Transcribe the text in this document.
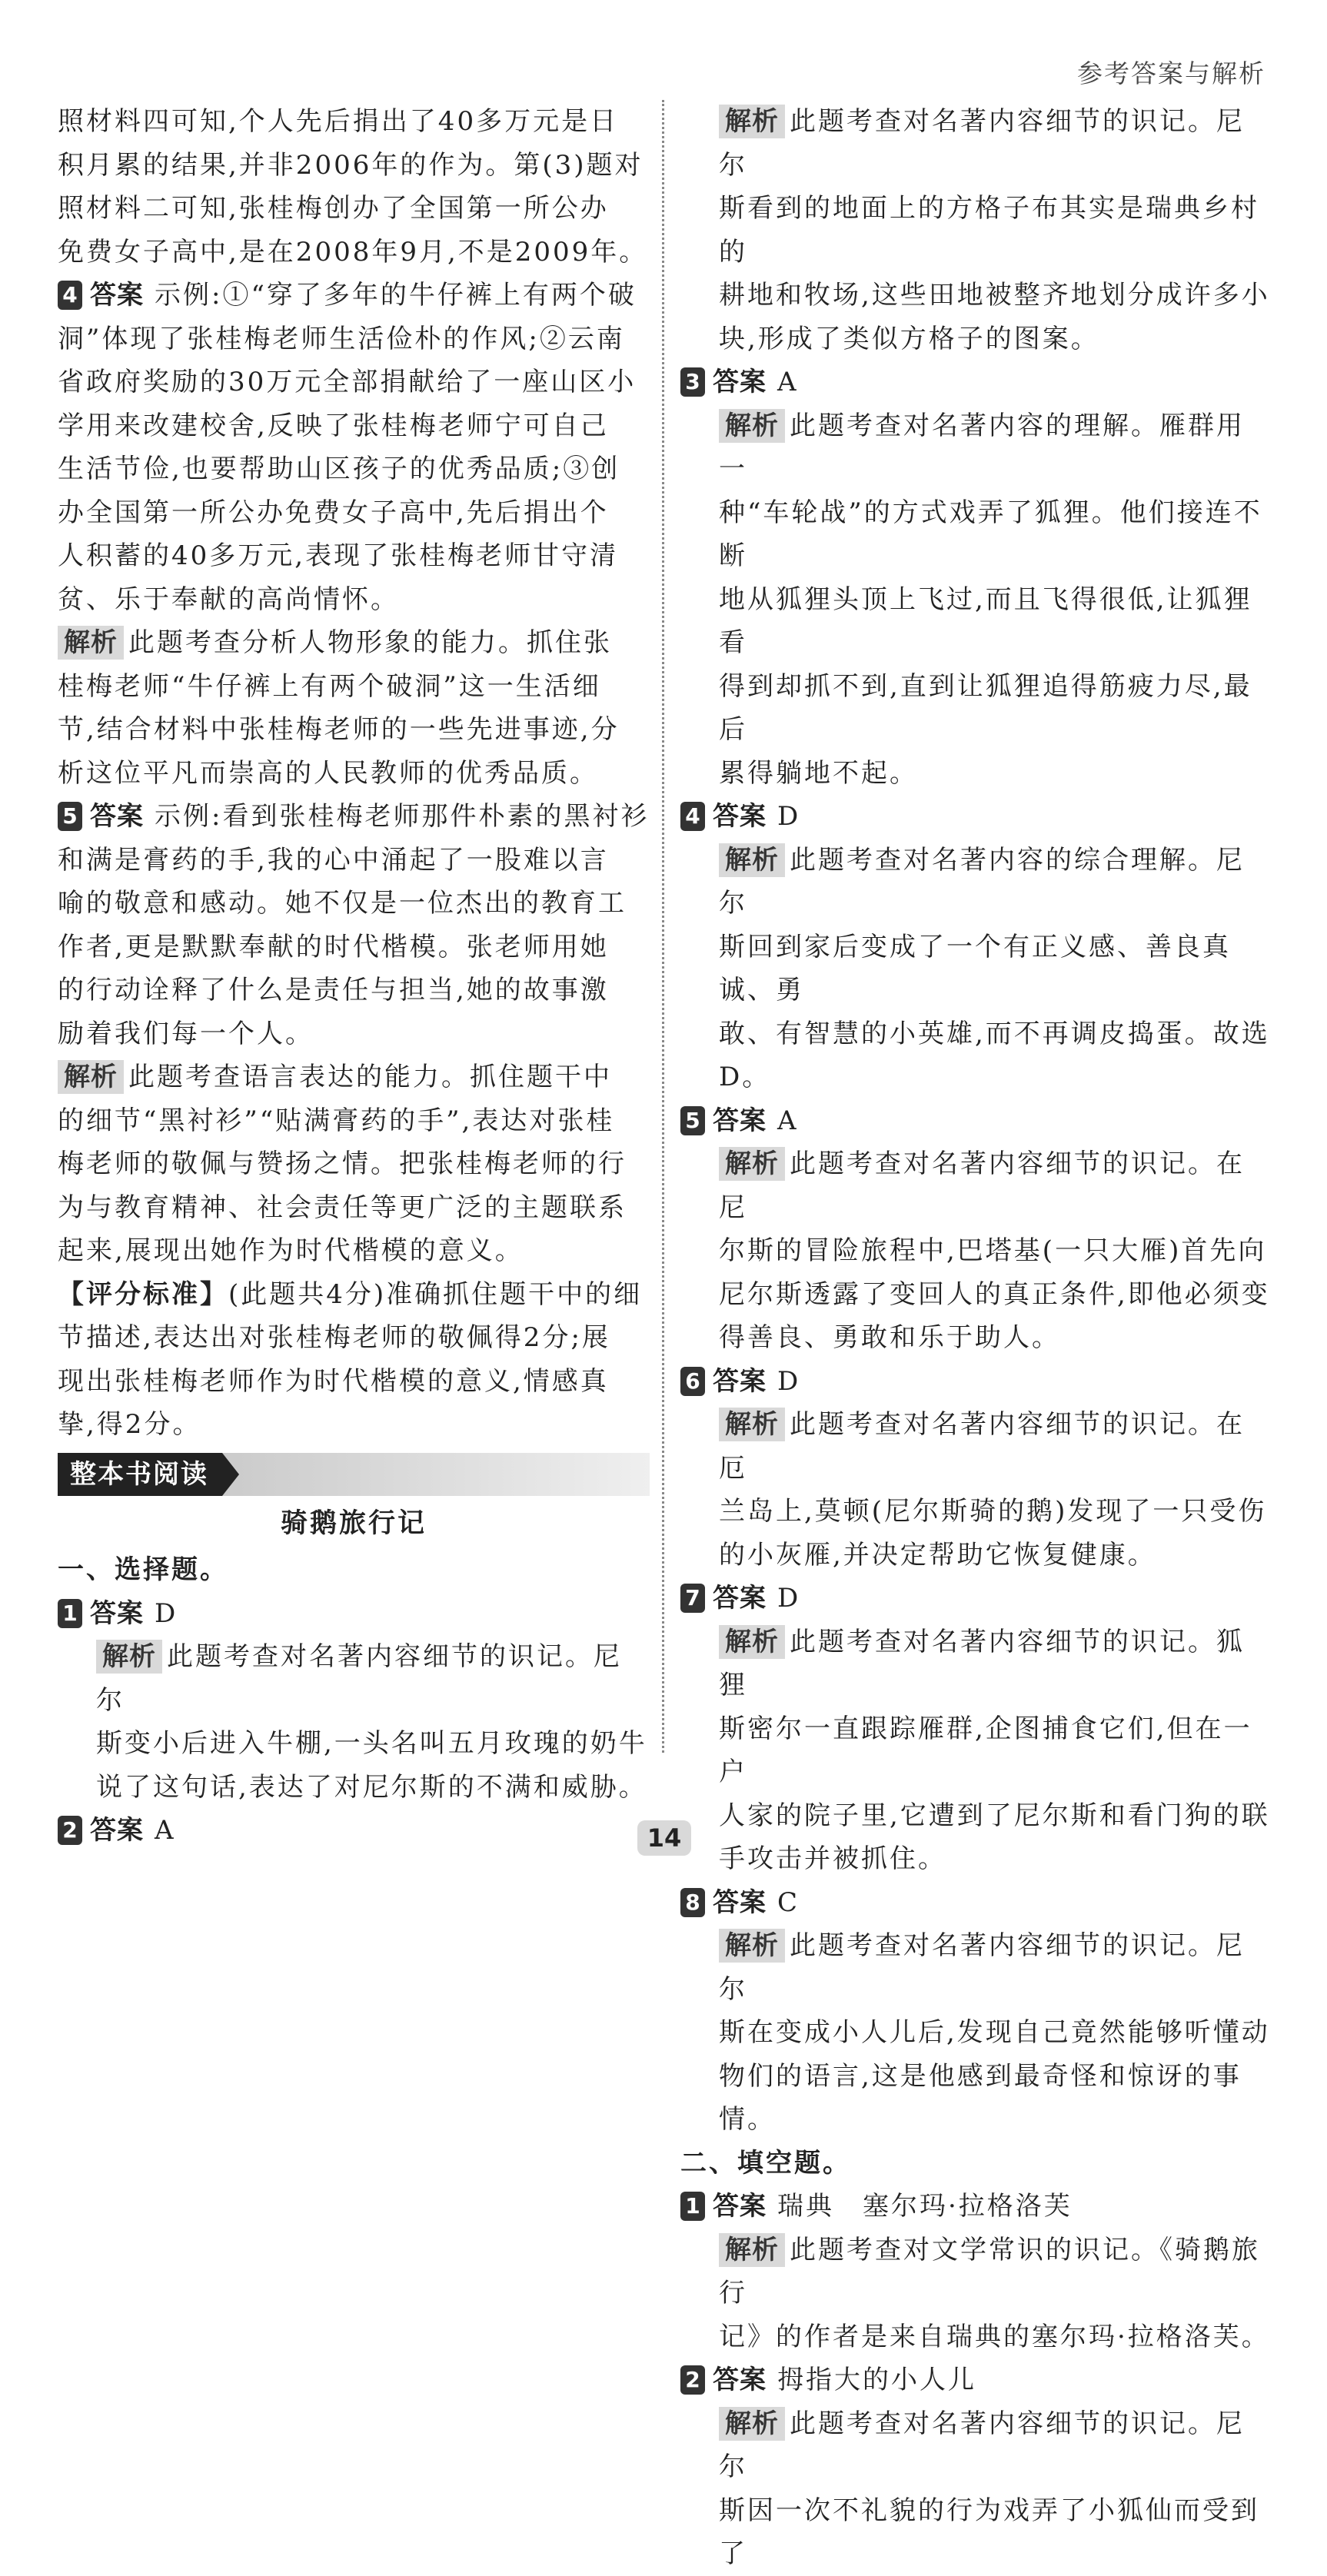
参考答案与解析
照材料四可知,个人先后捐出了40多万元是日
积月累的结果,并非2006年的作为。第(3)题对
照材料二可知,张桂梅创办了全国第一所公办
免费女子高中,是在2008年9月,不是2009年。
4 答案 示例:①“穿了多年的牛仔裤上有两个破
洞”体现了张桂梅老师生活俭朴的作风;②云南
省政府奖励的30万元全部捐献给了一座山区小
学用来改建校舍,反映了张桂梅老师宁可自己
生活节俭,也要帮助山区孩子的优秀品质;③创
办全国第一所公办免费女子高中,先后捐出个
人积蓄的40多万元,表现了张桂梅老师甘守清
贫、乐于奉献的高尚情怀。
解析 此题考查分析人物形象的能力。抓住张
桂梅老师“牛仔裤上有两个破洞”这一生活细
节,结合材料中张桂梅老师的一些先进事迹,分
析这位平凡而崇高的人民教师的优秀品质。
5 答案 示例:看到张桂梅老师那件朴素的黑衬衫
和满是膏药的手,我的心中涌起了一股难以言
喻的敬意和感动。她不仅是一位杰出的教育工
作者,更是默默奉献的时代楷模。张老师用她
的行动诠释了什么是责任与担当,她的故事激
励着我们每一个人。
解析 此题考查语言表达的能力。抓住题干中
的细节“黑衬衫”“贴满膏药的手”,表达对张桂
梅老师的敬佩与赞扬之情。把张桂梅老师的行
为与教育精神、社会责任等更广泛的主题联系
起来,展现出她作为时代楷模的意义。
【评分标准】(此题共4分)准确抓住题干中的细
节描述,表达出对张桂梅老师的敬佩得2分;展
现出张桂梅老师作为时代楷模的意义,情感真
挚,得2分。
整本书阅读
骑鹅旅行记
一、选择题。
1 答案 D
解析 此题考查对名著内容细节的识记。尼尔
斯变小后进入牛棚,一头名叫五月玫瑰的奶牛
说了这句话,表达了对尼尔斯的不满和威胁。
2 答案 A
解析 此题考查对名著内容细节的识记。尼尔
斯看到的地面上的方格子布其实是瑞典乡村的
耕地和牧场,这些田地被整齐地划分成许多小
块,形成了类似方格子的图案。
3 答案 A
解析 此题考查对名著内容的理解。雁群用一
种“车轮战”的方式戏弄了狐狸。他们接连不断
地从狐狸头顶上飞过,而且飞得很低,让狐狸看
得到却抓不到,直到让狐狸追得筋疲力尽,最后
累得躺地不起。
4 答案 D
解析 此题考查对名著内容的综合理解。尼尔
斯回到家后变成了一个有正义感、善良真诚、勇
敢、有智慧的小英雄,而不再调皮捣蛋。故选D。
5 答案 A
解析 此题考查对名著内容细节的识记。在尼
尔斯的冒险旅程中,巴塔基(一只大雁)首先向
尼尔斯透露了变回人的真正条件,即他必须变
得善良、勇敢和乐于助人。
6 答案 D
解析 此题考查对名著内容细节的识记。在厄
兰岛上,莫顿(尼尔斯骑的鹅)发现了一只受伤
的小灰雁,并决定帮助它恢复健康。
7 答案 D
解析 此题考查对名著内容细节的识记。狐狸
斯密尔一直跟踪雁群,企图捕食它们,但在一户
人家的院子里,它遭到了尼尔斯和看门狗的联
手攻击并被抓住。
8 答案 C
解析 此题考查对名著内容细节的识记。尼尔
斯在变成小人儿后,发现自己竟然能够听懂动
物们的语言,这是他感到最奇怪和惊讶的事情。
二、填空题。
1 答案 瑞典　塞尔玛·拉格洛芙
解析 此题考查对文学常识的识记。《骑鹅旅行
记》的作者是来自瑞典的塞尔玛·拉格洛芙。
2 答案 拇指大的小人儿
解析 此题考查对名著内容细节的识记。尼尔
斯因一次不礼貌的行为戏弄了小狐仙而受到了
14
